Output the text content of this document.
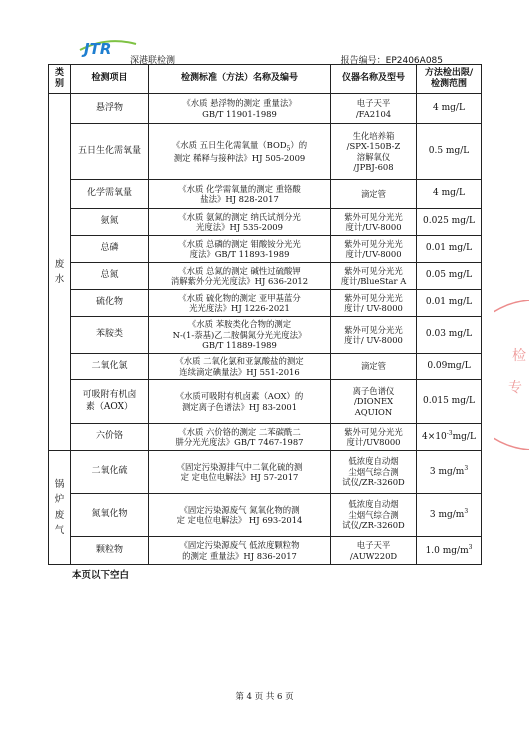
JTR
深港联检测	报告编号：EP2406A085
类别	检测项目	检测标准（方法）名称及编号	仪器名称及型号	方法检出限/
检测范围

废
水	悬浮物	《水质 悬浮物的测定 重量法》
GB/T 11901-1989	电子天平
/FA2104	4 mg/L
	五日生化需氧量	《水质 五日生化需氧量$(BOD_5)$的
测定 稀释与接种法》HJ 505-2009	生化培养箱
/SPX-150B-Z
溶解氧仪
/JPBJ-608	0.5 mg/L
	化学需氧量	《水质 化学需氧量的测定 重铬酸
盐法》HJ 828-2017	滴定管	4 mg/L
	氨氮	《水质 氨氮的测定 纳氏试剂分光
光度法》HJ 535-2009	紫外可见分光光
度计/UV-8000	0.025 mg/L
	总磷	《水质 总磷的测定 钼酸铵分光光
度法》GB/T 11893-1989	紫外可见分光光
度计/UV-8000	0.01 mg/L
	总氮	《水质 总氮的测定 碱性过硫酸钾
消解紫外分光光度法》HJ 636-2012	紫外可见分光光
度计/BlueStar A	0.05 mg/L
	硫化物	《水质 硫化物的测定 亚甲基蓝分
光光度法》HJ 1226-2021	紫外可见分光光
度计/ UV-8000	0.01 mg/L
	苯胺类	《水质 苯胺类化合物的测定
N-(1-萘基)乙二胺偶氮分光光度法》
GB/T 11889-1989	紫外可见分光光
度计/ UV-8000	0.03 mg/L
	二氧化氯	《水质 二氧化氯和亚氯酸盐的测定
连续滴定碘量法》HJ 551-2016	滴定管	0.09mg/L
	可吸附有机卤
素（AOX）	《水质可吸附有机卤素（AOX）的
测定离子色谱法》HJ 83-2001	离子色谱仪
/DIONEX
AQUION	0.015 mg/L
	六价铬	《水质 六价铬的测定 二苯碳酰二
肼分光光度法》GB/T 7467-1987	紫外可见分光光
度计/UV8000	$4\times 10^{-3}mg/L$

锅
炉
废
气	二氧化硫	《固定污染源排气中二氧化硫的测
定 定电位电解法》HJ 57-2017	低浓度自动烟
尘烟气综合测
试仪/ZR-3260D	3 $mg/m^3$
	氮氧化物	《固定污染源废气 氮氧化物的测
定 定电位电解法》 HJ 693-2014	低浓度自动烟
尘烟气综合测
试仪/ZR-3260D	3 $mg/m^3$
	颗粒物	《固定污染源废气 低浓度颗粒物
的测定 重量法》HJ 836-2017	电子天平
/AUW220D	1.0 $mg/m^3$
本页以下空白
检
专
第 4 页 共 6 页
